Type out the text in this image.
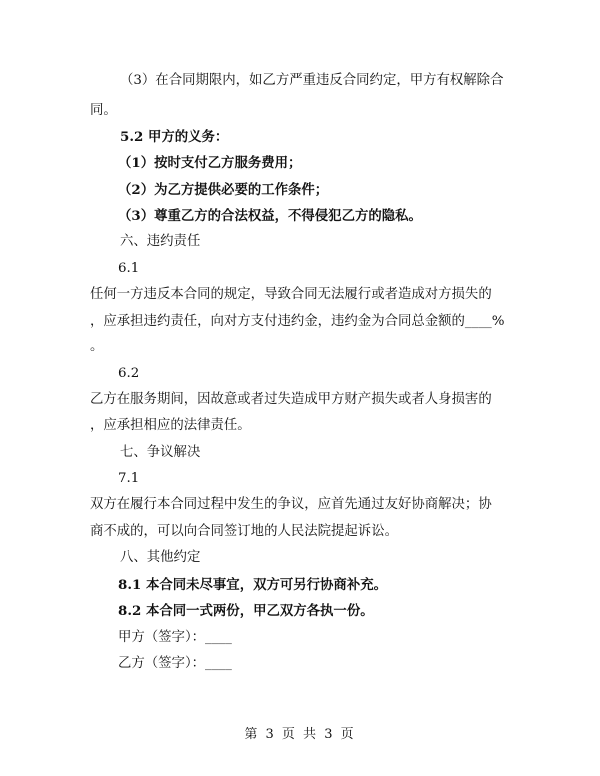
（3）在合同期限内，如乙方严重违反合同约定，甲方有权解除合
同。
5.2 甲方的义务：
（1）按时支付乙方服务费用；
（2）为乙方提供必要的工作条件；
（3）尊重乙方的合法权益，不得侵犯乙方的隐私。
六、违约责任
6.1
任何一方违反本合同的规定，导致合同无法履行或者造成对方损失的
，应承担违约责任，向对方支付违约金，违约金为合同总金额的____%
。
6.2
乙方在服务期间，因故意或者过失造成甲方财产损失或者人身损害的
，应承担相应的法律责任。
七、争议解决
7.1
双方在履行本合同过程中发生的争议，应首先通过友好协商解决；协
商不成的，可以向合同签订地的人民法院提起诉讼。
八、其他约定
8.1 本合同未尽事宜，双方可另行协商补充。
8.2 本合同一式两份，甲乙双方各执一份。
甲方（签字）：____
乙方（签字）：____
第 3 页 共 3 页
